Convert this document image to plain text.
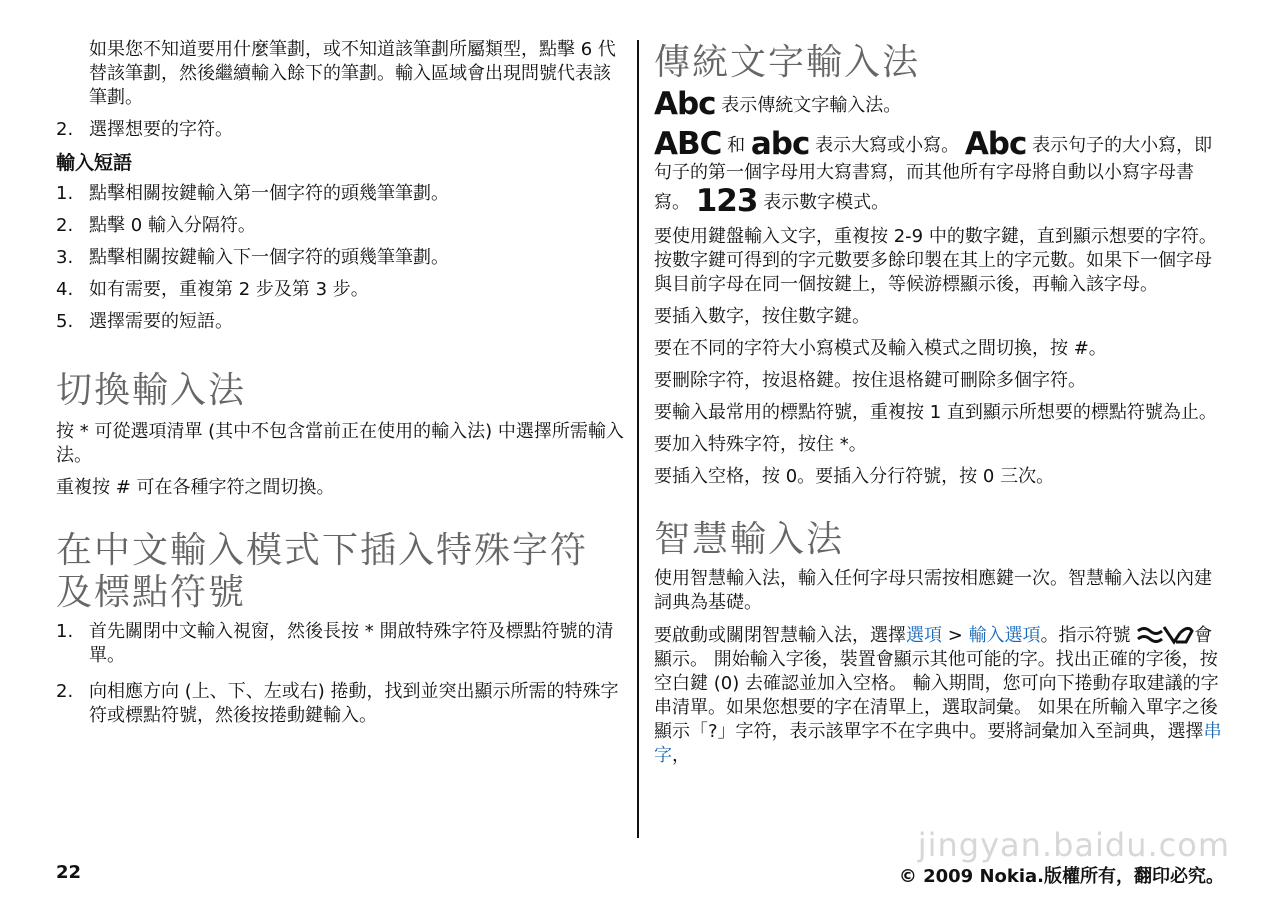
如果您不知道要用什麼筆劃，或不知道該筆劃所屬類型，點擊 6 代替該筆劃，然後繼續輸入餘下的筆劃。輸入區域會出現問號代表該筆劃。

2. 選擇想要的字符。
輸入短語
1. 點擊相關按鍵輸入第一個字符的頭幾筆筆劃。
2. 點擊 0 輸入分隔符。
3. 點擊相關按鍵輸入下一個字符的頭幾筆筆劃。
4. 如有需要，重複第 2 步及第 3 步。
5. 選擇需要的短語。
切換輸入法

按 * 可從選項清單 (其中不包含當前正在使用的輸入法) 中選擇所需輸入法。

重複按 # 可在各種字符之間切換。

在中文輸入模式下插入特殊字符及標點符號
1. 首先關閉中文輸入視窗，然後長按 * 開啟特殊字符及標點符號的清單。
2. 向相應方向 (上、下、左或右) 捲動，找到並突出顯示所需的特殊字符或標點符號，然後按捲動鍵輸入。
傳統文字輸入法

Abc 表示傳統文字輸入法。

ABC 和 abc 表示大寫或小寫。 Abc 表示句子的大小寫，即句子的第一個字母用大寫書寫，而其他所有字母將自動以小寫字母書寫。 123 表示數字模式。

要使用鍵盤輸入文字，重複按 2-9 中的數字鍵，直到顯示想要的字符。按數字鍵可得到的字元數要多餘印製在其上的字元數。如果下一個字母與目前字母在同一個按鍵上，等候游標顯示後，再輸入該字母。

要插入數字，按住數字鍵。

要在不同的字符大小寫模式及輸入模式之間切換，按 #。

要刪除字符，按退格鍵。按住退格鍵可刪除多個字符。

要輸入最常用的標點符號，重複按 1 直到顯示所想要的標點符號為止。

要加入特殊字符，按住 *。

要插入空格，按 0。要插入分行符號，按 0 三次。

智慧輸入法

使用智慧輸入法，輸入任何字母只需按相應鍵一次。智慧輸入法以內建詞典為基礎。

要啟動或關閉智慧輸入法，選擇選項 > 輸入選項。指示符號	會顯示。 開始輸入字後，裝置會顯示其他可能的字。找出正確的字後，按空白鍵 (0) 去確認並加入空格。 輸入期間，您可向下捲動存取建議的字串清單。如果您想要的字在清單上，選取詞彙。 如果在所輸入單字之後顯示「?」字符，表示該單字不在字典中。要將詞彙加入至詞典，選擇串字，

jingyan.baidu.com
22	© 2009 Nokia.版權所有，翻印必究。
